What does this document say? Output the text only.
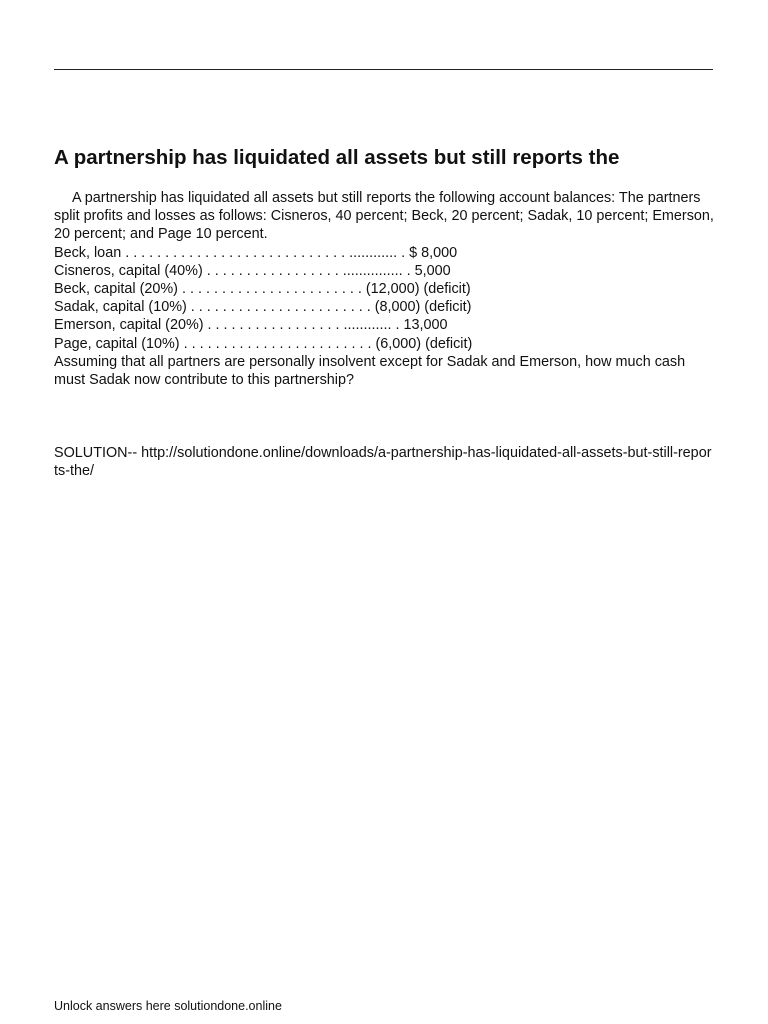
A partnership has liquidated all assets but still reports the

A partnership has liquidated all assets but still reports the following account balances: The partners split profits and losses as follows: Cisneros, 40 percent; Beck, 20 percent; Sadak, 10 percent; Emerson, 20 percent; and Page 10 percent.

Beck, loan . . . . . . . . . . . . . . . . . . . . . . . . . . . . ............ . $ 8,000
Cisneros, capital (40%) . . . . . . . . . . . . . . . . . ............... . 5,000
Beck, capital (20%) . . . . . . . . . . . . . . . . . . . . . . . (12,000) (deficit)
Sadak, capital (10%) . . . . . . . . . . . . . . . . . . . . . . . (8,000) (deficit)
Emerson, capital (20%) . . . . . . . . . . . . . . . . . ............ . 13,000
Page, capital (10%) . . . . . . . . . . . . . . . . . . . . . . . . (6,000) (deficit)

Assuming that all partners are personally insolvent except for Sadak and Emerson, how much cash must Sadak now contribute to this partnership?

SOLUTION-- http://solutiondone.online/downloads/a-partnership-has-liquidated-all-assets-but-still-reports-the/

Unlock answers here solutiondone.online
